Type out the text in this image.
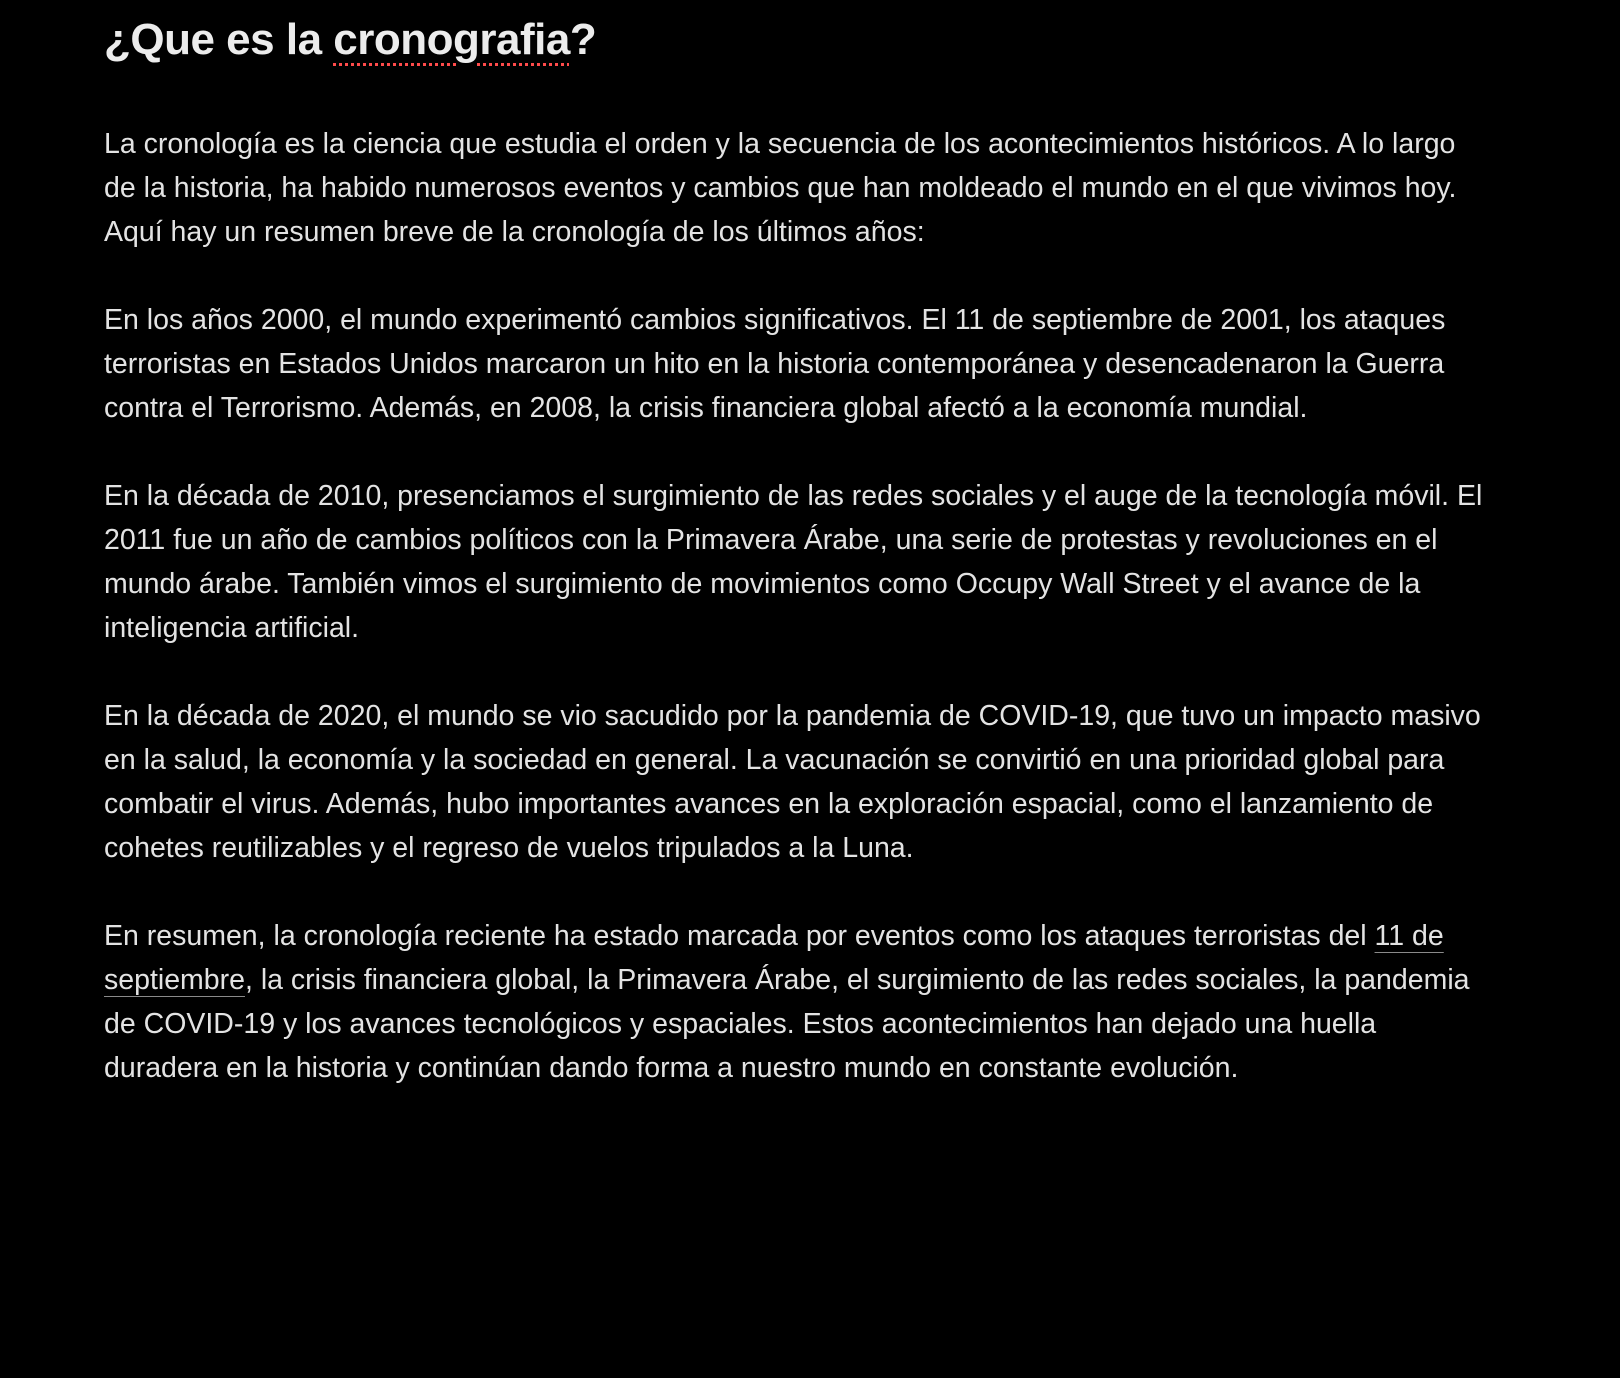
¿Que es la cronografia?

La cronología es la ciencia que estudia el orden y la secuencia de los acontecimientos históricos. A lo largo de la historia, ha habido numerosos eventos y cambios que han moldeado el mundo en el que vivimos hoy. Aquí hay un resumen breve de la cronología de los últimos años:

En los años 2000, el mundo experimentó cambios significativos. El 11 de septiembre de 2001, los ataques terroristas en Estados Unidos marcaron un hito en la historia contemporánea y desencadenaron la Guerra contra el Terrorismo. Además, en 2008, la crisis financiera global afectó a la economía mundial.

En la década de 2010, presenciamos el surgimiento de las redes sociales y el auge de la tecnología móvil. El 2011 fue un año de cambios políticos con la Primavera Árabe, una serie de protestas y revoluciones en el mundo árabe. También vimos el surgimiento de movimientos como Occupy Wall Street y el avance de la inteligencia artificial.

En la década de 2020, el mundo se vio sacudido por la pandemia de COVID-19, que tuvo un impacto masivo en la salud, la economía y la sociedad en general. La vacunación se convirtió en una prioridad global para combatir el virus. Además, hubo importantes avances en la exploración espacial, como el lanzamiento de cohetes reutilizables y el regreso de vuelos tripulados a la Luna.

En resumen, la cronología reciente ha estado marcada por eventos como los ataques terroristas del 11 de septiembre, la crisis financiera global, la Primavera Árabe, el surgimiento de las redes sociales, la pandemia de COVID-19 y los avances tecnológicos y espaciales. Estos acontecimientos han dejado una huella duradera en la historia y continúan dando forma a nuestro mundo en constante evolución.
